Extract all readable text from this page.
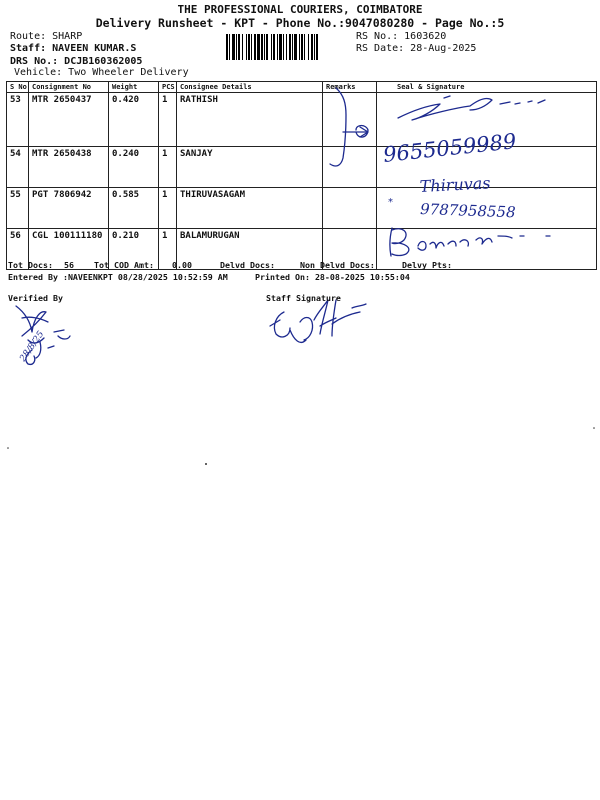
THE PROFESSIONAL COURIERS, COIMBATORE
Delivery Runsheet - KPT - Phone No.:9047080280 - Page No.:5
Route: SHARP
Staff: NAVEEN KUMAR.S
DRS No.: DCJB160362005
Vehicle: Two Wheeler Delivery
RS No.: 1603620
RS Date: 28-Aug-2025
S No	Consignment No	Weight	PCS	Consignee Details	Remarks	Seal & Signature
53	MTR 2650437	0.420	1	RATHISH		
54	MTR 2650438	0.240	1	SANJAY		
55	PGT 7806942	0.585	1	THIRUVASAGAM		
56	CGL 100111180	0.210	1	BALAMURUGAN		
9655059989
Thiruvas
* 9787958558
28/8/25
Tot Docs: 56 Tot COD Amt: 0.00	Delvd Docs:	Non Delvd Docs:	Delvy Pts:
Entered By :NAVEENKPT 08/28/2025 10:52:59 AM	Printed On: 28-08-2025 10:55:04
Verified By	Staff Signature
